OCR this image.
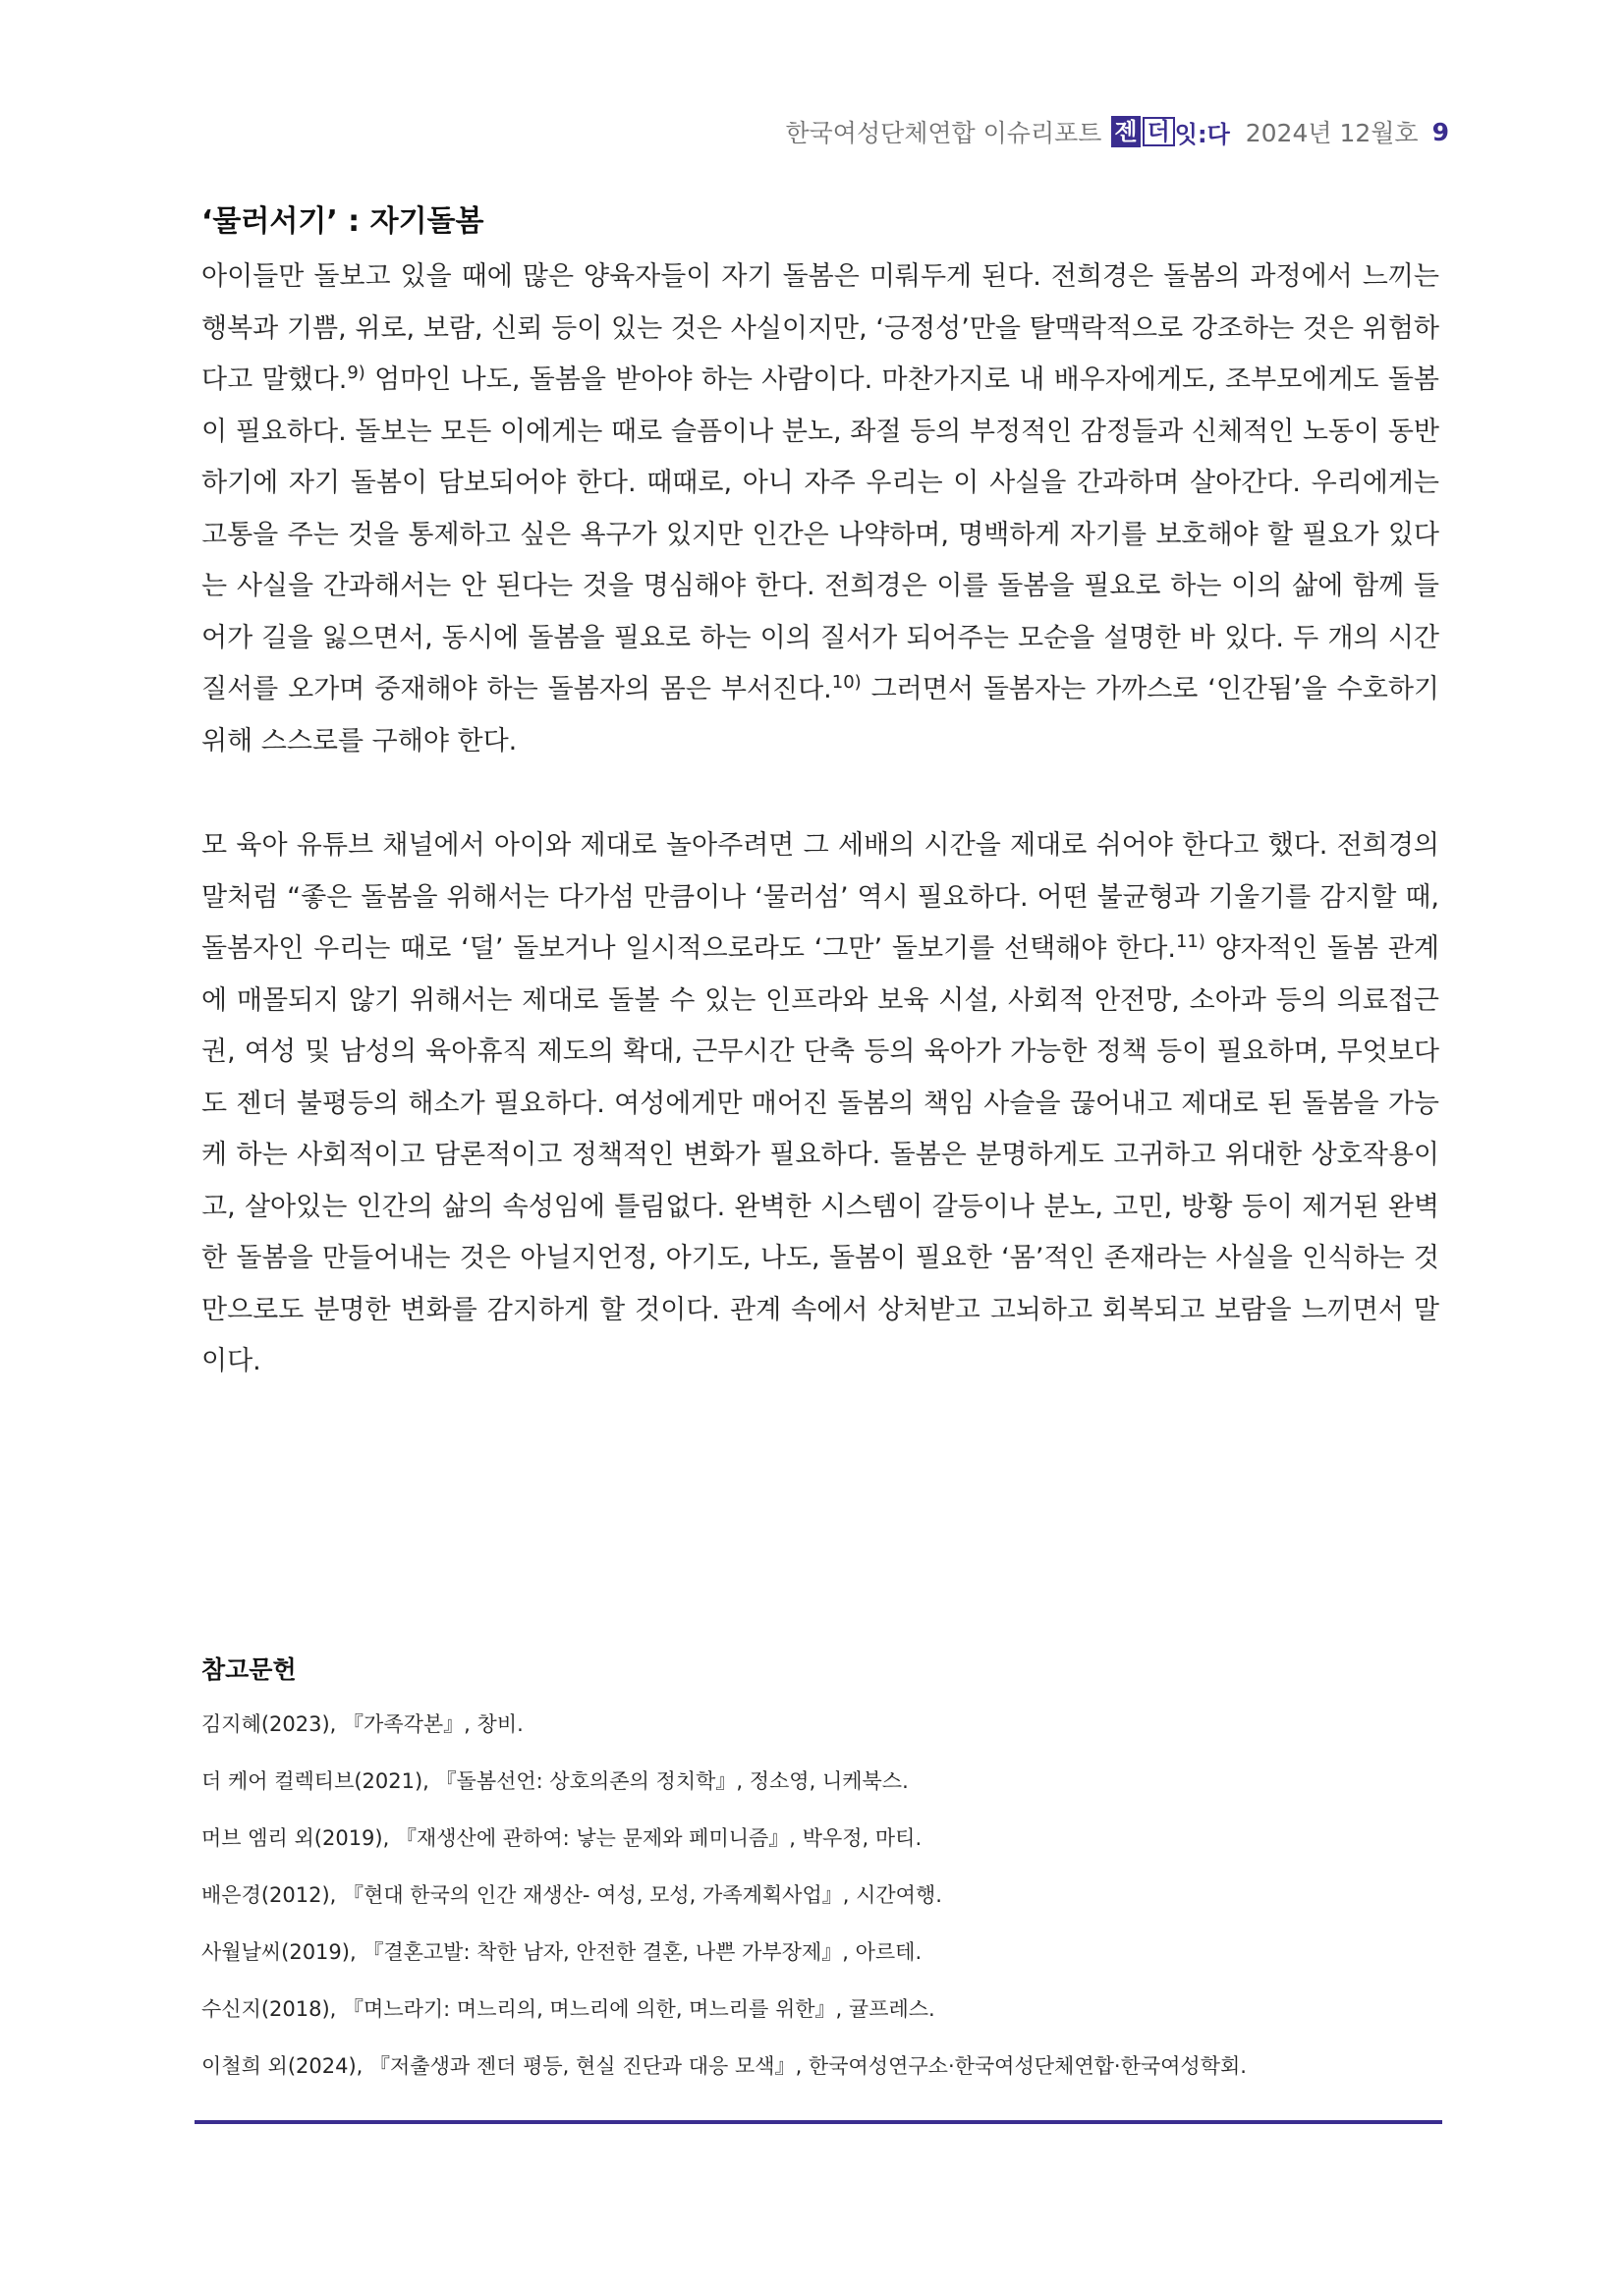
한국여성단체연합 이슈리포트 젠 더 잇:다 2024년 12월호 9
‘물러서기’ : 자기돌봄

아이들만 돌보고 있을 때에 많은 양육자들이 자기 돌봄은 미뤄두게 된다. 전희경은 돌봄의 과정에서 느끼는 행복과 기쁨, 위로, 보람, 신뢰 등이 있는 것은 사실이지만, ‘긍정성’만을 탈맥락적으로 강조하는 것은 위험하다고 말했다.$^{9)}$ 엄마인 나도, 돌봄을 받아야 하는 사람이다. 마찬가지로 내 배우자에게도, 조부모에게도 돌봄이 필요하다. 돌보는 모든 이에게는 때로 슬픔이나 분노, 좌절 등의 부정적인 감정들과 신체적인 노동이 동반하기에 자기 돌봄이 담보되어야 한다. 때때로, 아니 자주 우리는 이 사실을 간과하며 살아간다. 우리에게는 고통을 주는 것을 통제하고 싶은 욕구가 있지만 인간은 나약하며, 명백하게 자기를 보호해야 할 필요가 있다는 사실을 간과해서는 안 된다는 것을 명심해야 한다. 전희경은 이를 돌봄을 필요로 하는 이의 삶에 함께 들어가 길을 잃으면서, 동시에 돌봄을 필요로 하는 이의 질서가 되어주는 모순을 설명한 바 있다. 두 개의 시간 질서를 오가며 중재해야 하는 돌봄자의 몸은 부서진다.$^{10)}$ 그러면서 돌봄자는 가까스로 ‘인간됨’을 수호하기 위해 스스로를 구해야 한다.

모 육아 유튜브 채널에서 아이와 제대로 놀아주려면 그 세배의 시간을 제대로 쉬어야 한다고 했다. 전희경의 말처럼 “좋은 돌봄을 위해서는 다가섬 만큼이나 ‘물러섬’ 역시 필요하다. 어떤 불균형과 기울기를 감지할 때, 돌봄자인 우리는 때로 ‘덜’ 돌보거나 일시적으로라도 ‘그만’ 돌보기를 선택해야 한다.$^{11)}$ 양자적인 돌봄 관계에 매몰되지 않기 위해서는 제대로 돌볼 수 있는 인프라와 보육 시설, 사회적 안전망, 소아과 등의 의료접근권, 여성 및 남성의 육아휴직 제도의 확대, 근무시간 단축 등의 육아가 가능한 정책 등이 필요하며, 무엇보다도 젠더 불평등의 해소가 필요하다. 여성에게만 매어진 돌봄의 책임 사슬을 끊어내고 제대로 된 돌봄을 가능케 하는 사회적이고 담론적이고 정책적인 변화가 필요하다. 돌봄은 분명하게도 고귀하고 위대한 상호작용이고, 살아있는 인간의 삶의 속성임에 틀림없다. 완벽한 시스템이 갈등이나 분노, 고민, 방황 등이 제거된 완벽한 돌봄을 만들어내는 것은 아닐지언정, 아기도, 나도, 돌봄이 필요한 ‘몸’적인 존재라는 사실을 인식하는 것만으로도 분명한 변화를 감지하게 할 것이다. 관계 속에서 상처받고 고뇌하고 회복되고 보람을 느끼면서 말이다.

참고문헌
김지혜(2023), 『가족각본』, 창비.
더 케어 컬렉티브(2021), 『돌봄선언: 상호의존의 정치학』, 정소영, 니케북스.
머브 엠리 외(2019), 『재생산에 관하여: 낳는 문제와 페미니즘』, 박우정, 마티.
배은경(2012), 『현대 한국의 인간 재생산- 여성, 모성, 가족계획사업』, 시간여행.
사월날씨(2019), 『결혼고발: 착한 남자, 안전한 결혼, 나쁜 가부장제』, 아르테.
수신지(2018), 『며느라기: 며느리의, 며느리에 의한, 며느리를 위한』, 귤프레스.
이철희 외(2024), 『저출생과 젠더 평등, 현실 진단과 대응 모색』, 한국여성연구소·한국여성단체연합·한국여성학회.
